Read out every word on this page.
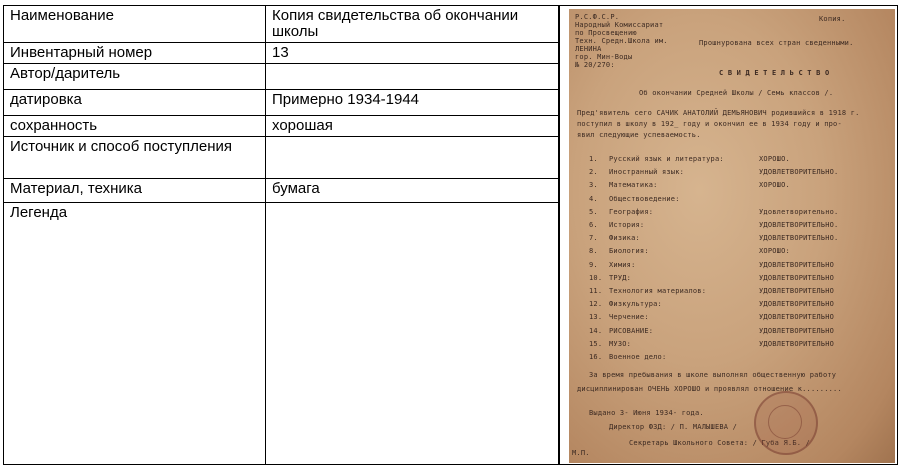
Наименование	Копия свидетельства об окончании школы
Инвентарный номер	13
Автор/даритель	
датировка	Примерно 1934-1944
сохранность	хорошая
Источник и способ поступления	
Материал, техника	бумага
Легенда	
Р.С.Ф.С.Р.
Народный Комиссариат
по Просвещению
Техн. Средн.Школа им.
ЛЕНИНА
гор. Мин-Воды
№ 20/270:
Копия.
Прошнурована всех стран сведенными.
С В И Д Е Т Е Л Ь С Т В О
Об окончании Средней Школы / Семь классов /.
Пред'явитель сего САЧИК АНАТОЛИЙ ДЕМЬЯНОВИЧ родившийся в 1918 г.
поступил в школу в 192_ году и окончил ее в 1934 году и про-
явил следующие успеваемость.
1. Русский язык и литература:	ХОРОШО.
2. Иностранный язык:	УДОВЛЕТВОРИТЕЛЬНО.
3. Математика:	ХОРОШО.
4. Обществоведение:
5. География:	Удовлетворительно.
6. История:	УДОВЛЕТВОРИТЕЛЬНО.
7. Физика:	УДОВЛЕТВОРИТЕЛЬНО.
8. Биология:	ХОРОШО:
9. Химия:	УДОВЛЕТВОРИТЕЛЬНО
10. ТРУД:	УДОВЛЕТВОРИТЕЛЬНО
11. Технология материалов:	УДОВЛЕТВОРИТЕЛЬНО
12. Физкультура:	УДОВЛЕТВОРИТЕЛЬНО
13. Черчение:	УДОВЛЕТВОРИТЕЛЬНО
14. РИСОВАНИЕ:	УДОВЛЕТВОРИТЕЛЬНО
15. МУЗО:	УДОВЛЕТВОРИТЕЛЬНО
16. Военное дело:
За время пребывания в школе выполнял общественную работу
дисциплинирован ОЧЕНЬ ХОРОШО и проявлял отношение к.........
Выдано 3- Июня 1934- года.
Директор ФЗД: / П. МАЛЫШЕВА /
Секретарь Школьного Совета: / Губа Я.Б. /
М.П.
